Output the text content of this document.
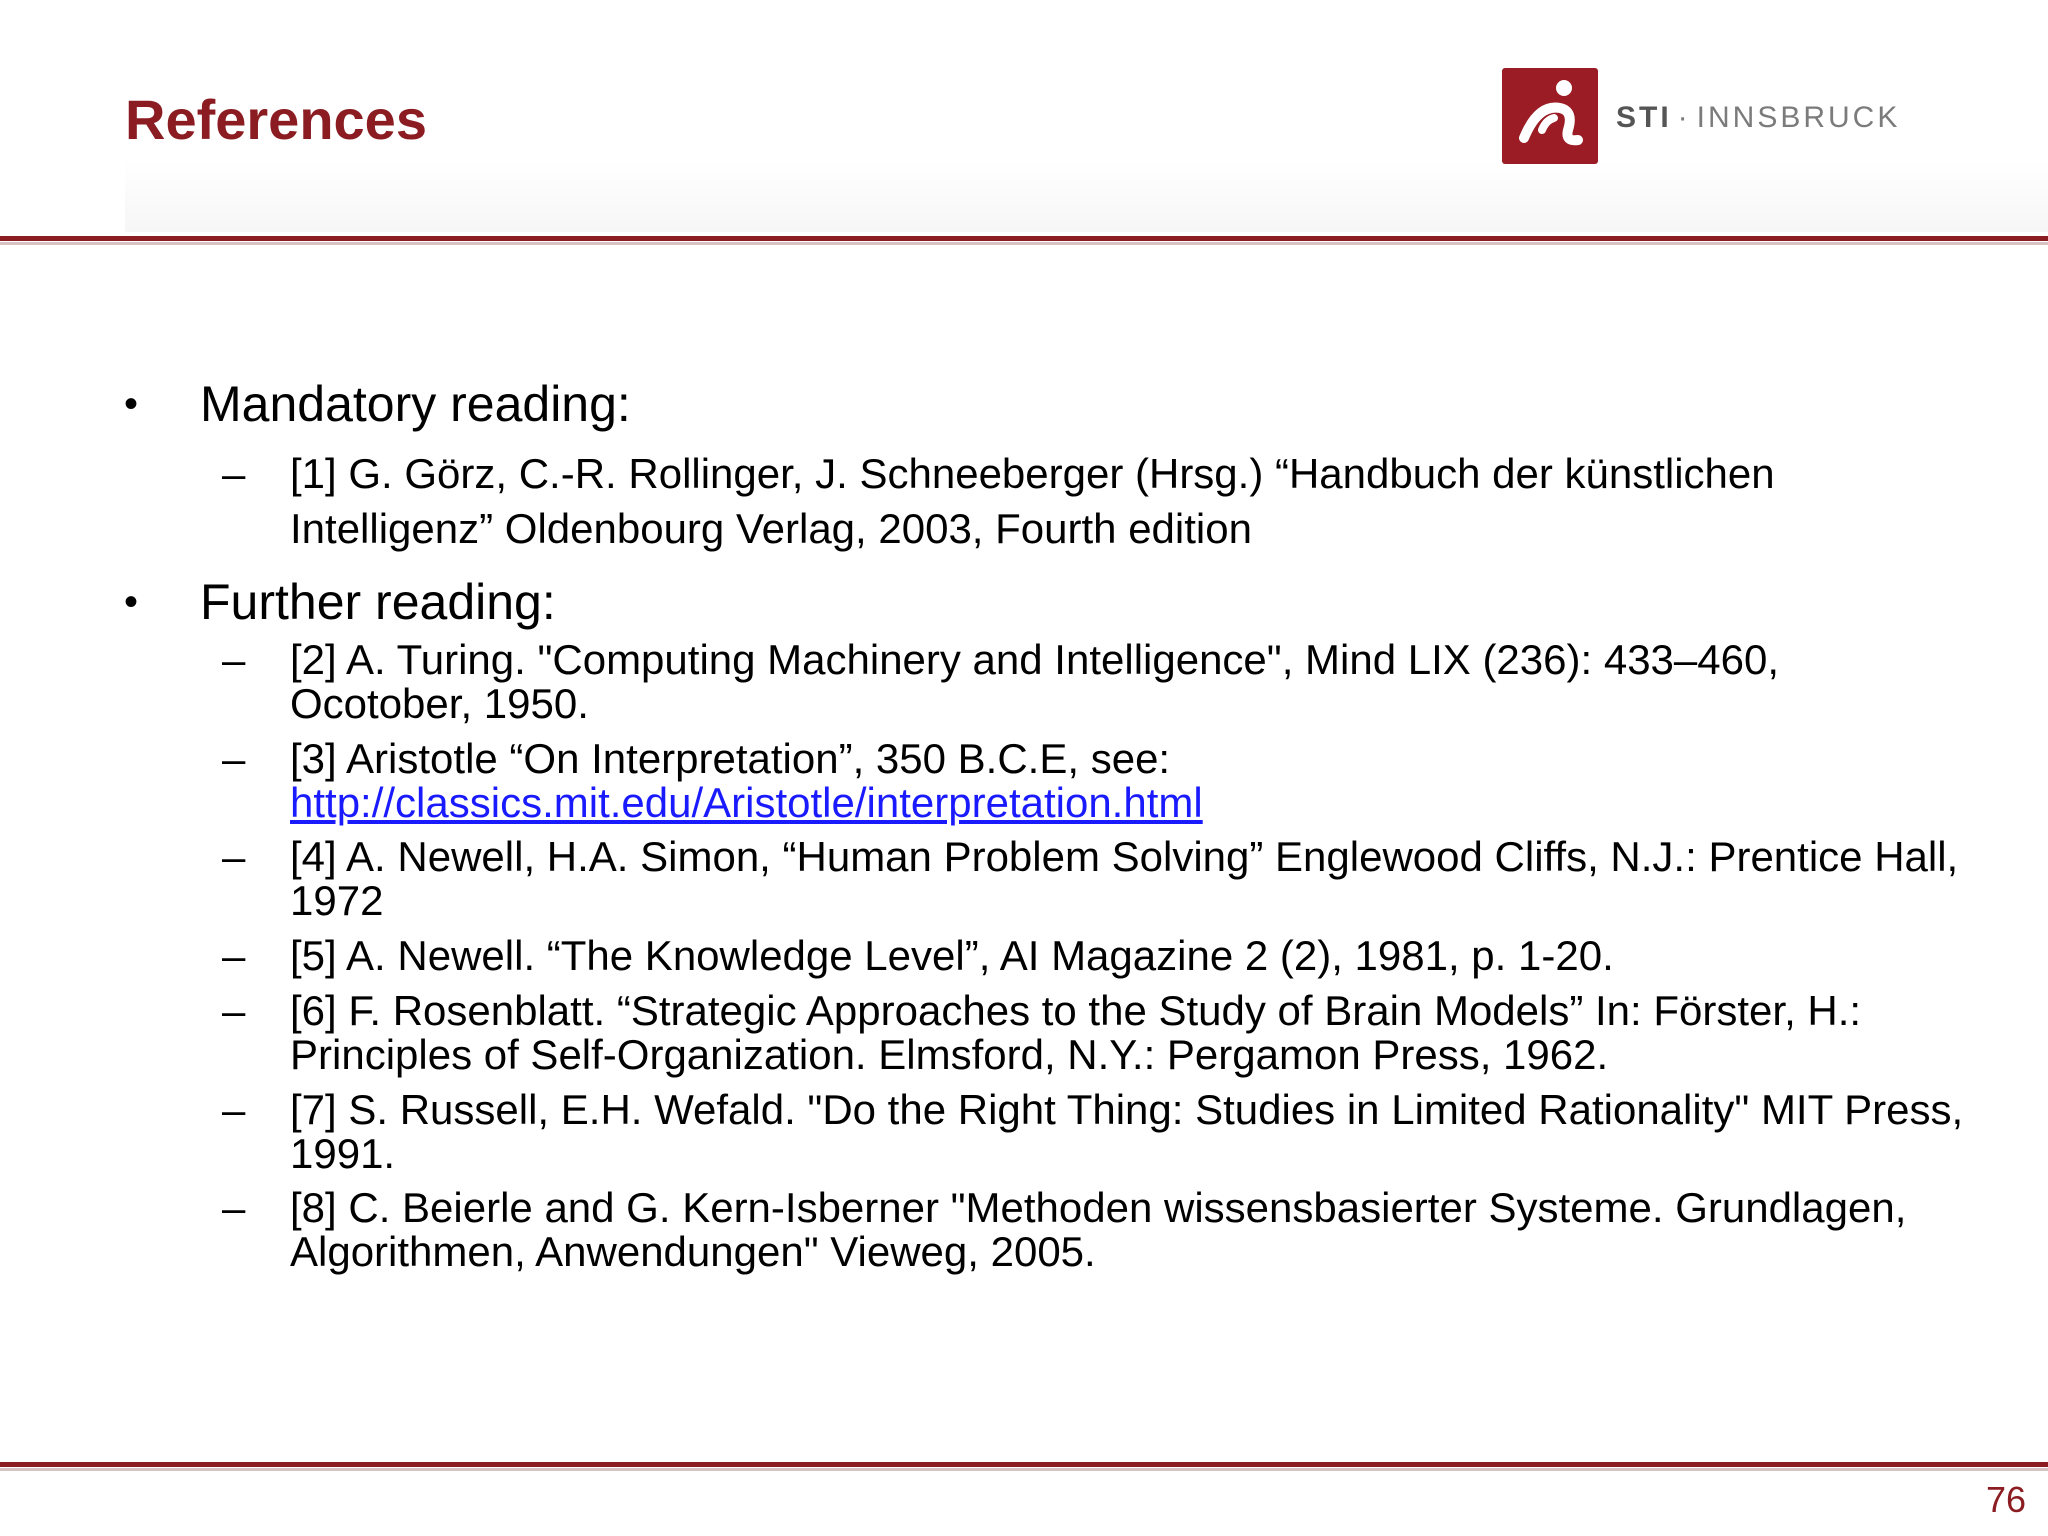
References	STI · INNSBRUCK
• Mandatory reading:
– [1] G. Görz, C.-R. Rollinger, J. Schneeberger (Hrsg.) “Handbuch der künstlichen Intelligenz” Oldenbourg Verlag, 2003, Fourth edition
• Further reading:
– [2] A. Turing. "Computing Machinery and Intelligence", Mind LIX (236): 433–460, Ocotober, 1950.
– [3] Aristotle “On Interpretation”, 350 B.C.E, see:
http://classics.mit.edu/Aristotle/interpretation.html
– [4] A. Newell, H.A. Simon, “Human Problem Solving” Englewood Cliffs, N.J.: Prentice Hall, 1972
– [5] A. Newell. “The Knowledge Level”, AI Magazine 2 (2), 1981, p. 1-20.
– [6] F. Rosenblatt. “Strategic Approaches to the Study of Brain Models” In: Förster, H.: Principles of Self-Organization. Elmsford, N.Y.: Pergamon Press, 1962.
– [7] S. Russell, E.H. Wefald. "Do the Right Thing: Studies in Limited Rationality" MIT Press, 1991.
– [8] C. Beierle and G. Kern-Isberner "Methoden wissensbasierter Systeme. Grundlagen, Algorithmen, Anwendungen" Vieweg, 2005.
76
